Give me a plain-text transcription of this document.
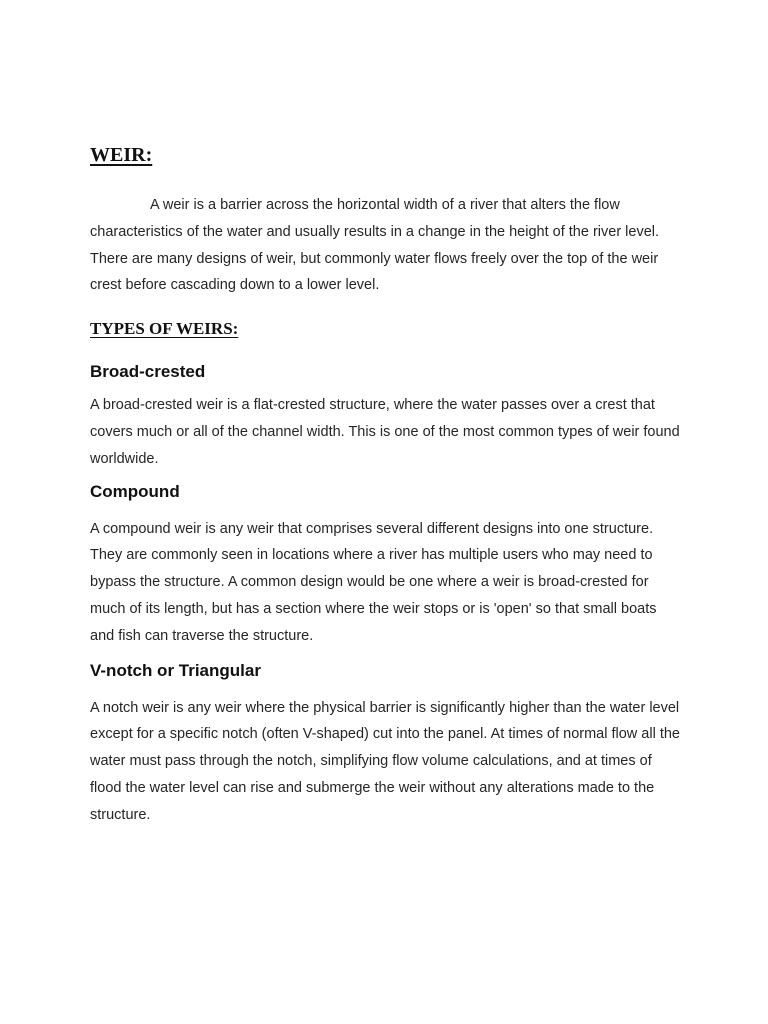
WEIR:

A weir is a barrier across the horizontal width of a river that alters the flow characteristics of the water and usually results in a change in the height of the river level. There are many designs of weir, but commonly water flows freely over the top of the weir crest before cascading down to a lower level.

TYPES OF WEIRS:
Broad-crested

A broad-crested weir is a flat-crested structure, where the water passes over a crest that covers much or all of the channel width. This is one of the most common types of weir found worldwide.

Compound

A compound weir is any weir that comprises several different designs into one structure. They are commonly seen in locations where a river has multiple users who may need to bypass the structure. A common design would be one where a weir is broad-crested for much of its length, but has a section where the weir stops or is 'open' so that small boats and fish can traverse the structure.

V-notch or Triangular

A notch weir is any weir where the physical barrier is significantly higher than the water level except for a specific notch (often V-shaped) cut into the panel. At times of normal flow all the water must pass through the notch, simplifying flow volume calculations, and at times of flood the water level can rise and submerge the weir without any alterations made to the structure.
